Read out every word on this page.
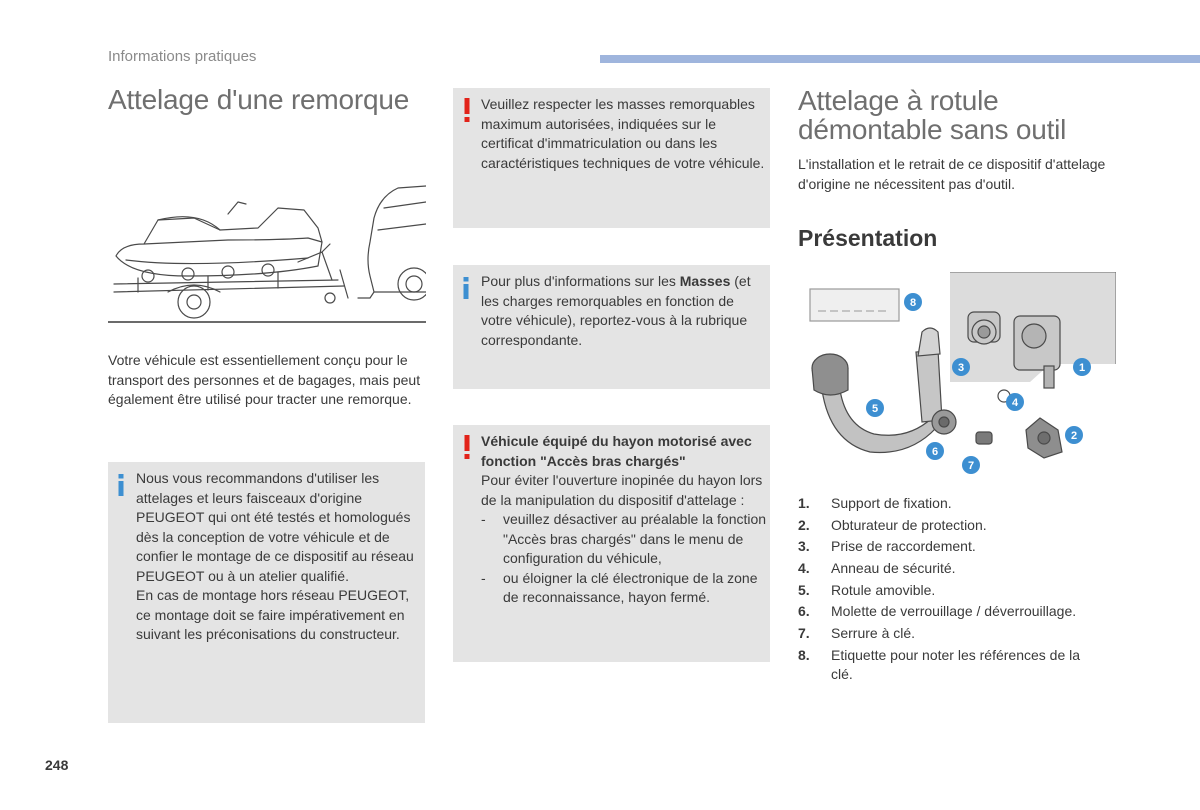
Informations pratiques
Attelage d'une remorque
Votre véhicule est essentiellement conçu pour le transport des personnes et de bagages, mais peut également être utilisé pour tracter une remorque.
Nous vous recommandons d'utiliser les attelages et leurs faisceaux d'origine PEUGEOT qui ont été testés et homologués dès la conception de votre véhicule et de confier le montage de ce dispositif au réseau PEUGEOT ou à un atelier qualifié.
En cas de montage hors réseau PEUGEOT, ce montage doit se faire impérativement en suivant les préconisations du constructeur.
Veuillez respecter les masses remorquables maximum autorisées, indiquées sur le certificat d'immatriculation ou dans les caractéristiques techniques de votre véhicule.
Pour plus d'informations sur les Masses (et les charges remorquables en fonction de votre véhicule), reportez-vous à la rubrique correspondante.
Véhicule équipé du hayon motorisé avec fonction "Accès bras chargés"
Pour éviter l'ouverture inopinée du hayon lors de la manipulation du dispositif d'attelage :
- veuillez désactiver au préalable la fonction "Accès bras chargés" dans le menu de configuration du véhicule,
- ou éloigner la clé électronique de la zone de reconnaissance, hayon fermé.
Attelage à rotule démontable sans outil
L'installation et le retrait de ce dispositif d'attelage d'origine ne nécessitent pas d'outil.
Présentation
8
3	1
4
5
2
6
7
1. Support de fixation.
2. Obturateur de protection.
3. Prise de raccordement.
4. Anneau de sécurité.
5. Rotule amovible.
6. Molette de verrouillage / déverrouillage.
7. Serrure à clé.
8. Etiquette pour noter les références de la clé.
248
